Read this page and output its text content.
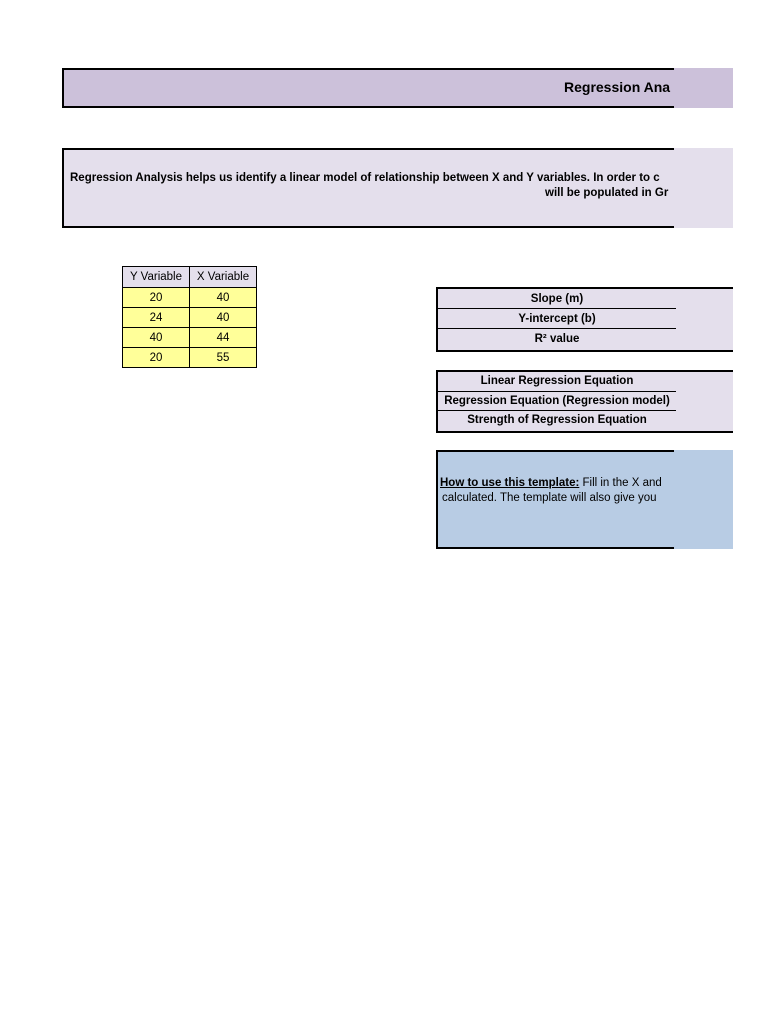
Regression Ana
Regression Analysis helps us identify a linear model of relationship between X and Y variables. In order to c
will be populated in Gr
Y Variable	X Variable
20	40
24	40
40	44
20	55
Slope (m)
Y-intercept (b)
R² value
Linear Regression Equation
Regression Equation (Regression model)
Strength of Regression Equation
How to use this template: Fill in the X and
calculated. The template will also give you
